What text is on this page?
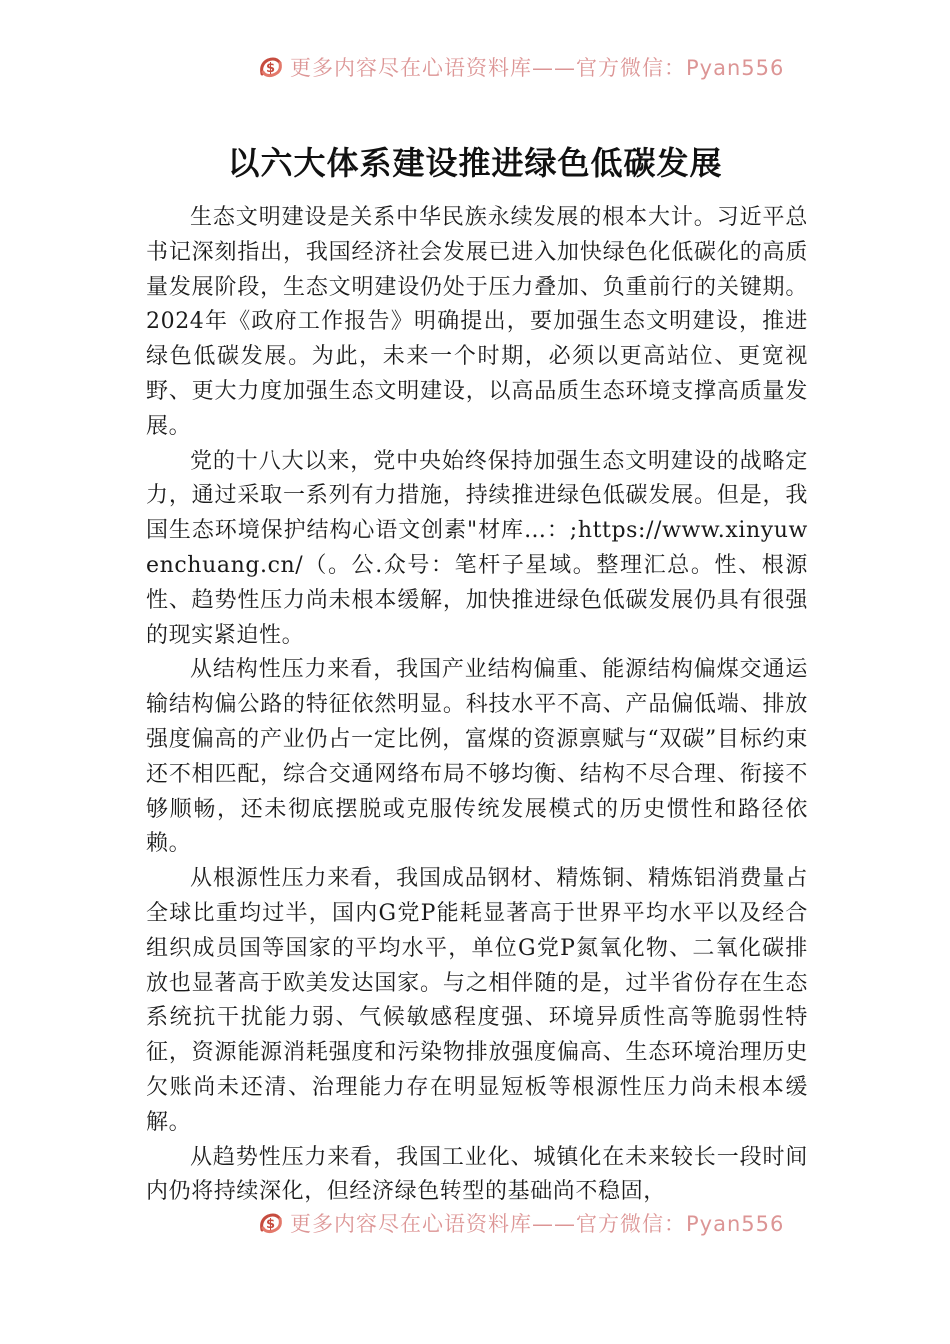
$ 更多内容尽在心语资料库——官方微信：Pyan556
以六大体系建设推进绿色低碳发展

生态文明建设是关系中华民族永续发展的根本大计。习近平总书记深刻指出，我国经济社会发展已进入加快绿色化低碳化的高质量发展阶段，生态文明建设仍处于压力叠加、负重前行的关键期。2024年《政府工作报告》明确提出，要加强生态文明建设，推进绿色低碳发展。为此，未来一个时期，必须以更高站位、更宽视野、更大力度加强生态文明建设，以高品质生态环境支撑高质量发展。

党的十八大以来，党中央始终保持加强生态文明建设的战略定力，通过采取一系列有力措施，持续推进绿色低碳发展。但是，我国生态环境保护结构心语文创素"材库…：;https://www.xinyuwenchuang.cn/（。公.众号：笔杆子星域。整理汇总。性、根源性、趋势性压力尚未根本缓解，加快推进绿色低碳发展仍具有很强的现实紧迫性。

从结构性压力来看，我国产业结构偏重、能源结构偏煤交通运输结构偏公路的特征依然明显。科技水平不高、产品偏低端、排放强度偏高的产业仍占一定比例，富煤的资源禀赋与“双碳”目标约束还不相匹配，综合交通网络布局不够均衡、结构不尽合理、衔接不够顺畅，还未彻底摆脱或克服传统发展模式的历史惯性和路径依赖。

从根源性压力来看，我国成品钢材、精炼铜、精炼铝消费量占全球比重均过半，国内G党P能耗显著高于世界平均水平以及经合组织成员国等国家的平均水平，单位G党P氮氧化物、二氧化碳排放也显著高于欧美发达国家。与之相伴随的是，过半省份存在生态系统抗干扰能力弱、气候敏感程度强、环境异质性高等脆弱性特征，资源能源消耗强度和污染物排放强度偏高、生态环境治理历史欠账尚未还清、治理能力存在明显短板等根源性压力尚未根本缓解。

从趋势性压力来看，我国工业化、城镇化在未来较长一段时间内仍将持续深化，但经济绿色转型的基础尚不稳固，

$ 更多内容尽在心语资料库——官方微信：Pyan556
